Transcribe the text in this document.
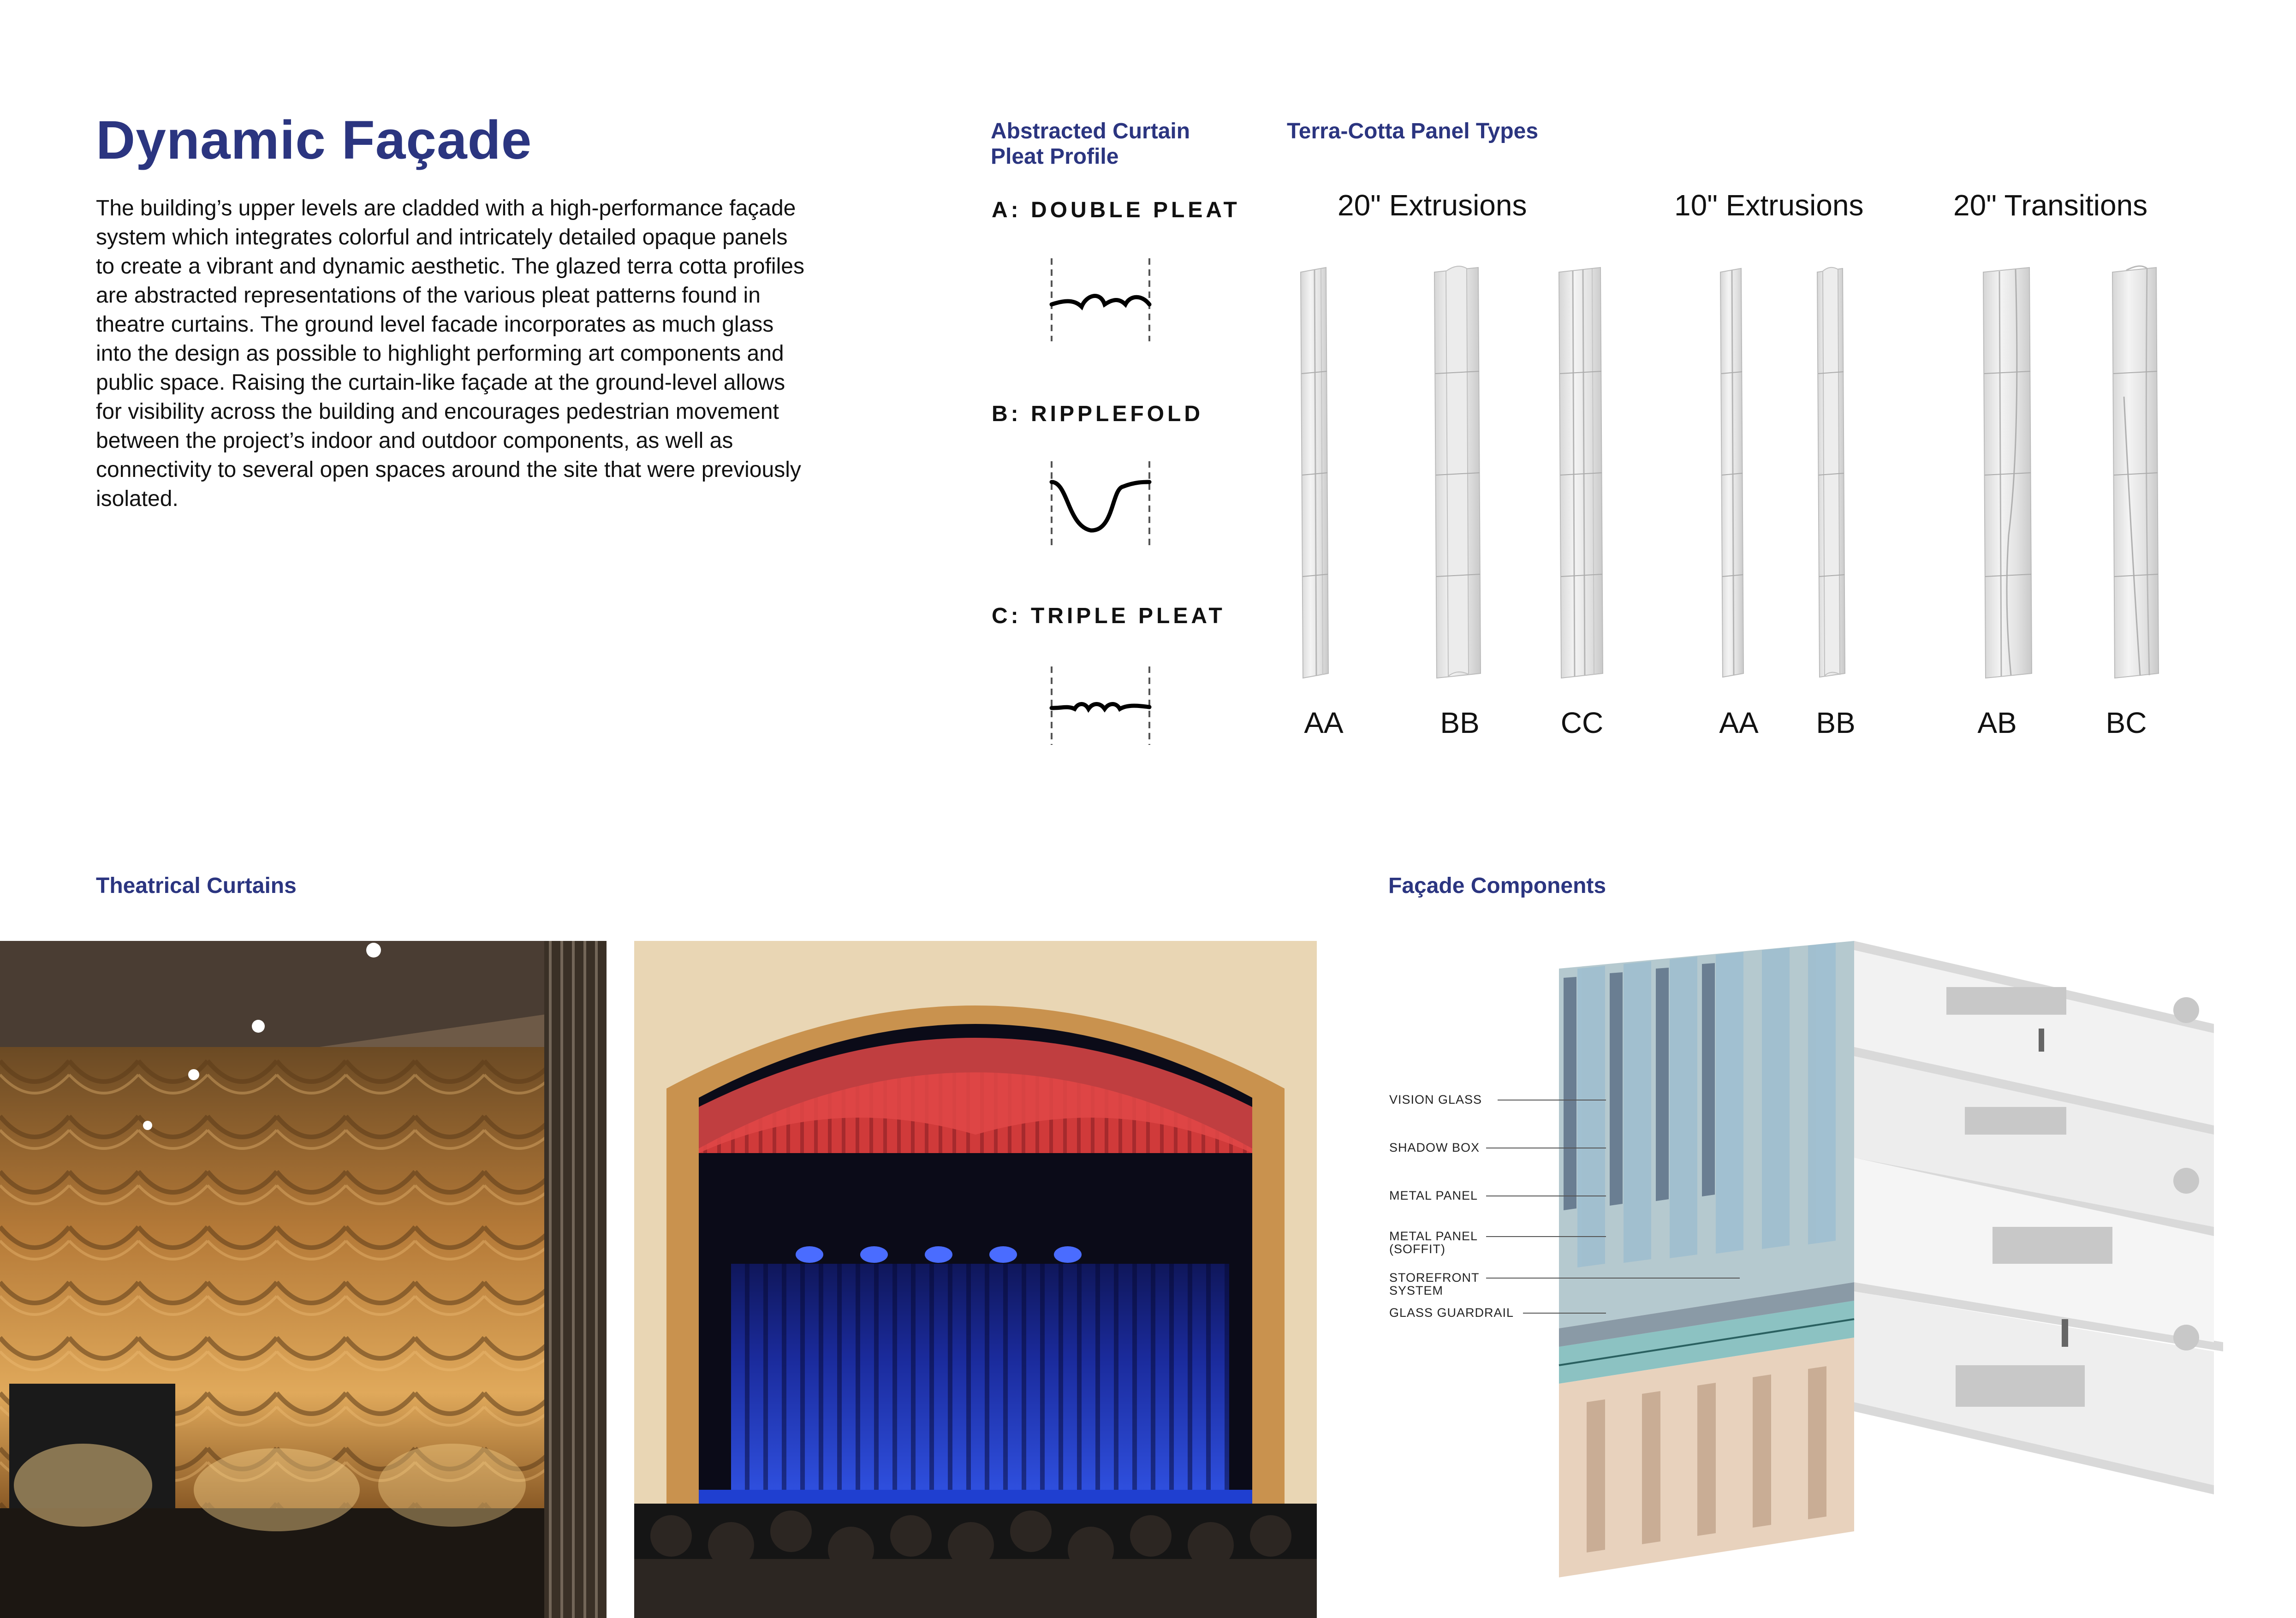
Dynamic Façade
The building’s upper levels are cladded with a high-performance façade system which integrates colorful and intricately detailed opaque panels to create a vibrant and dynamic aesthetic. The glazed terra cotta profiles are abstracted representations of the various pleat patterns found in theatre curtains. The ground level facade incorporates as much glass into the design as possible to highlight performing art components and public space. Raising the curtain-like façade at the ground-level allows for visibility across the building and encourages pedestrian movement between the project’s indoor and outdoor components, as well as connectivity to several open spaces around the site that were previously isolated.
Abstracted Curtain
Pleat Profile
A: DOUBLE PLEAT
B: RIPPLEFOLD
C: TRIPLE PLEAT
Terra-Cotta Panel Types
20" Extrusions	10" Extrusions	20" Transitions
AA	BB	CC	AA	BB	AB	BC
Theatrical Curtains	Façade Components
VISION GLASS
SHADOW BOX
METAL PANEL
METAL PANEL
(SOFFIT)
STOREFRONT
SYSTEM
GLASS GUARDRAIL
